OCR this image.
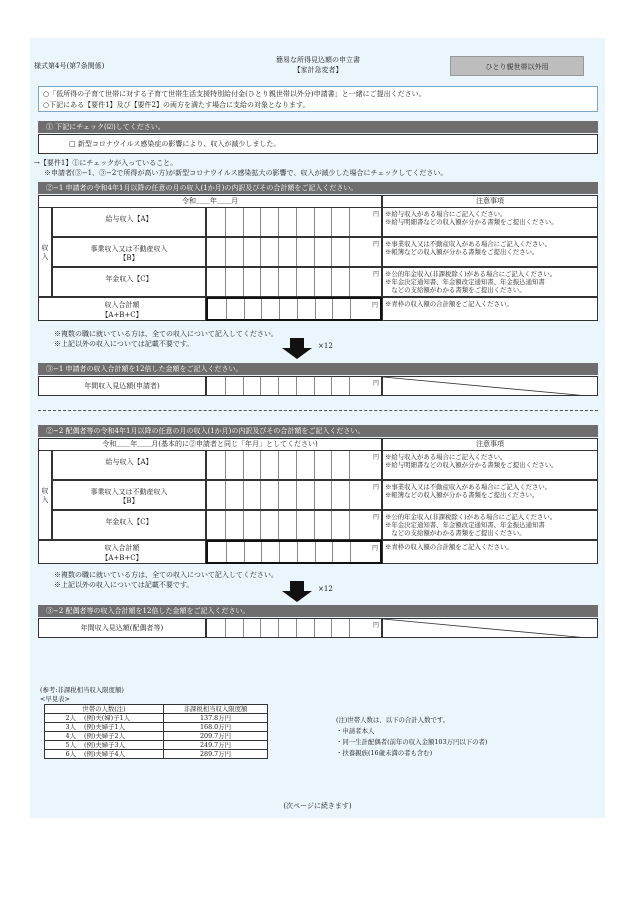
様式第4号(第7条関係)
簡易な所得見込額の申立書
【家計急変者】	ひとり親世帯以外用
○「低所得の子育て世帯に対する子育て世帯生活支援特別給付金(ひとり親世帯以外分)申請書」と一緒にご提出ください。
○下記にある【要件1】及び【要件2】の両方を満たす場合に支給の対象となります。
① 下記にチェック(☑)してください。
□ 新型コロナウイルス感染症の影響により、収入が減少しました。
→【要件1】①にチェックが入っていること。
※申請者(③−1、③−2で所得が高い方)が新型コロナウイルス感染拡大の影響で、収入が減少した場合にチェックしてください。
②−1 申請者の令和4年1月以降の任意の月の収入(1か月)の内訳及びその合計額をご記入ください。
令和＿＿年＿＿月	注意事項
収入
給与収入【A】
円 ※給与収入がある場合にご記入ください。
※給与明細書などの収入額が分かる書類をご提出ください。
事業収入又は不動産収入
【B】
円 ※事業収入又は不動産収入がある場合にご記入ください。
※帳簿などの収入額が分かる書類をご提出ください。
年金収入【C】
円 ※公的年金収入(非課税除く)がある場合にご記入ください。
※年金決定通知書、年金額改定通知書、年金振込通知書
　などの支給額がわかる書類をご提出ください。
収入合計額
【A+B+C】
円 ※青枠の収入額の合計額をご記入ください。
※複数の職に就いている方は、全ての収入について記入してください。
※上記以外の収入については記載不要です。	×12
③−1 申請者の収入合計額を12倍した金額をご記入ください。
年間収入見込額(申請者)	円
②−2 配偶者等の令和4年1月以降の任意の月の収入(1か月)の内訳及びその合計額をご記入ください。
令和＿＿年＿＿月(基本的に②申請者と同じ「年月」としてください)	注意事項
収入
給与収入【A】
円 ※給与収入がある場合にご記入ください。
※給与明細書などの収入額が分かる書類をご提出ください。
事業収入又は不動産収入
【B】
円 ※事業収入又は不動産収入がある場合にご記入ください。
※帳簿などの収入額が分かる書類をご提出ください。
年金収入【C】
円 ※公的年金収入(非課税除く)がある場合にご記入ください。
※年金決定通知書、年金額改定通知書、年金振込通知書
　などの支給額がわかる書類をご提出ください。
収入合計額
【A+B+C】
円 ※青枠の収入額の合計額をご記入ください。
※複数の職に就いている方は、全ての収入について記入してください。
※上記以外の収入については記載不要です。	×12
③−2 配偶者等の収入合計額を12倍した金額をご記入ください。
年間収入見込額(配偶者等)	円
(参考:非課税相当収入限度額)
<早見表>
世帯の人数(注)	非課税相当収入限度額
2人 (例)夫(婦)子1人	137.8万円
3人 (例)夫婦子1人	168.0万円
4人 (例)夫婦子2人	209.7万円
5人 (例)夫婦子3人	249.7万円
6人 (例)夫婦子4人	289.7万円
(注)世帯人数は、以下の合計人数です。
・申請者本人
・同一生計配偶者(前年の収入金額103万円以下の者)
・扶養親族(16歳未満の者も含む)
(次ページに続きます)
